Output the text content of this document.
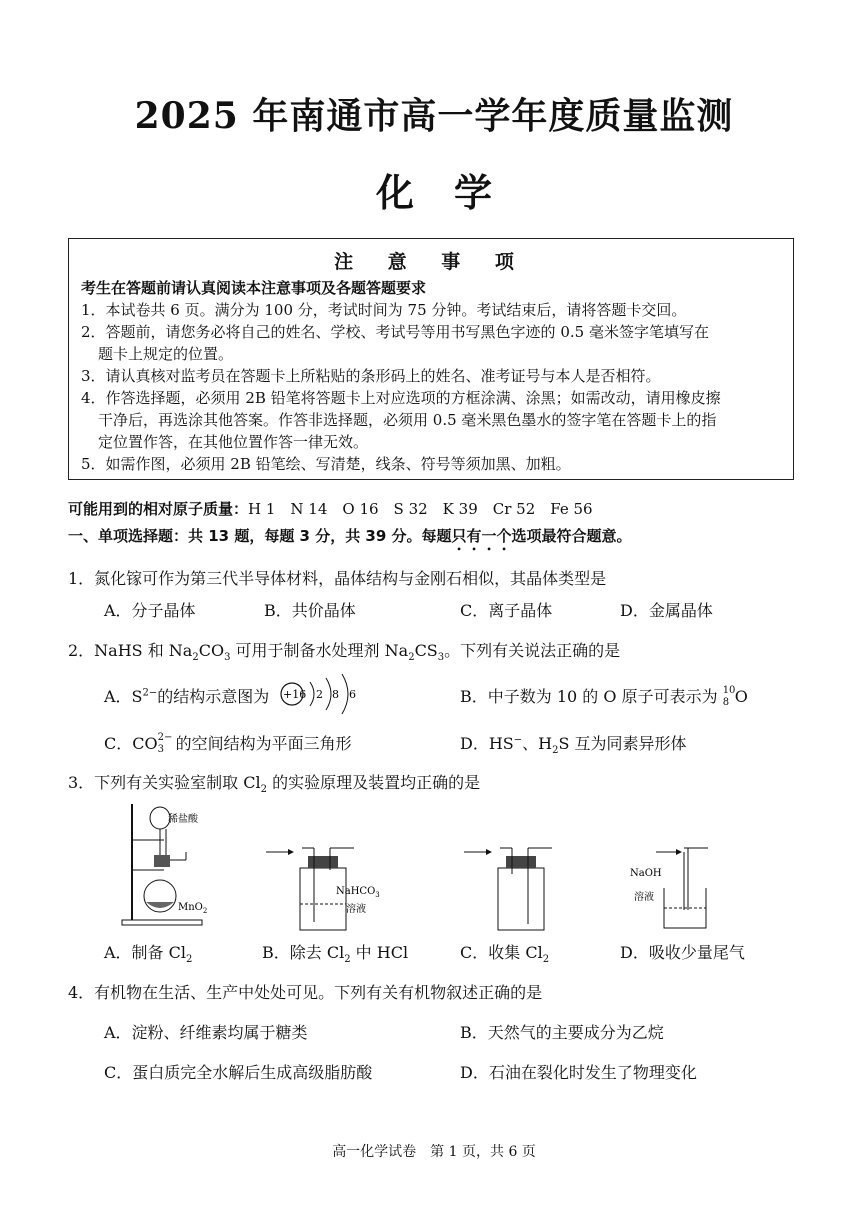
2025 年南通市高一学年度质量监测
化学
注 意 事 项
考生在答题前请认真阅读本注意事项及各题答题要求
1．本试卷共 6 页。满分为 100 分，考试时间为 75 分钟。考试结束后，请将答题卡交回。
2．答题前，请您务必将自己的姓名、学校、考试号等用书写黑色字迹的 0.5 毫米签字笔填写在
题卡上规定的位置。
3．请认真核对监考员在答题卡上所粘贴的条形码上的姓名、准考证号与本人是否相符。
4．作答选择题，必须用 2B 铅笔将答题卡上对应选项的方框涂满、涂黑；如需改动，请用橡皮擦
干净后，再选涂其他答案。作答非选择题，必须用 0.5 毫米黑色墨水的签字笔在答题卡上的指
定位置作答，在其他位置作答一律无效。
5．如需作图，必须用 2B 铅笔绘、写清楚，线条、符号等须加黑、加粗。
可能用到的相对原子质量：H 1　N 14　O 16　S 32　K 39　Cr 52　Fe 56
一、单项选择题：共 13 题，每题 3 分，共 39 分。每题只有一个选项最符合题意。
1．氮化镓可作为第三代半导体材料，晶体结构与金刚石相似，其晶体类型是
A．分子晶体	B．共价晶体	C．离子晶体	D．金属晶体
2．NaHS 和 $Na_2CO_3$ 可用于制备水处理剂 $Na_2CS_3$。下列有关说法正确的是
A．$S^{2-}$的结构示意图为 +16 2 8 6	B．中子数为 10 的 O 原子可表示为 10
8 O
C．CO 2−
3 的空间结构为平面三角形	D．HS−、$H_2S$ 互为同素异形体
3．下列有关实验室制取 $Cl_2$ 的实验原理及装置均正确的是
稀盐酸
MnO$_2$
NaHCO$_3$
溶液
NaOH
溶液
A．制备 $Cl_2$	B．除去 $Cl_2$ 中 HCl	C．收集 $Cl_2$	D．吸收少量尾气
4．有机物在生活、生产中处处可见。下列有关有机物叙述正确的是
A．淀粉、纤维素均属于糖类	B．天然气的主要成分为乙烷
C．蛋白质完全水解后生成高级脂肪酸	D．石油在裂化时发生了物理变化
高一化学试卷　第 1 页，共 6 页
